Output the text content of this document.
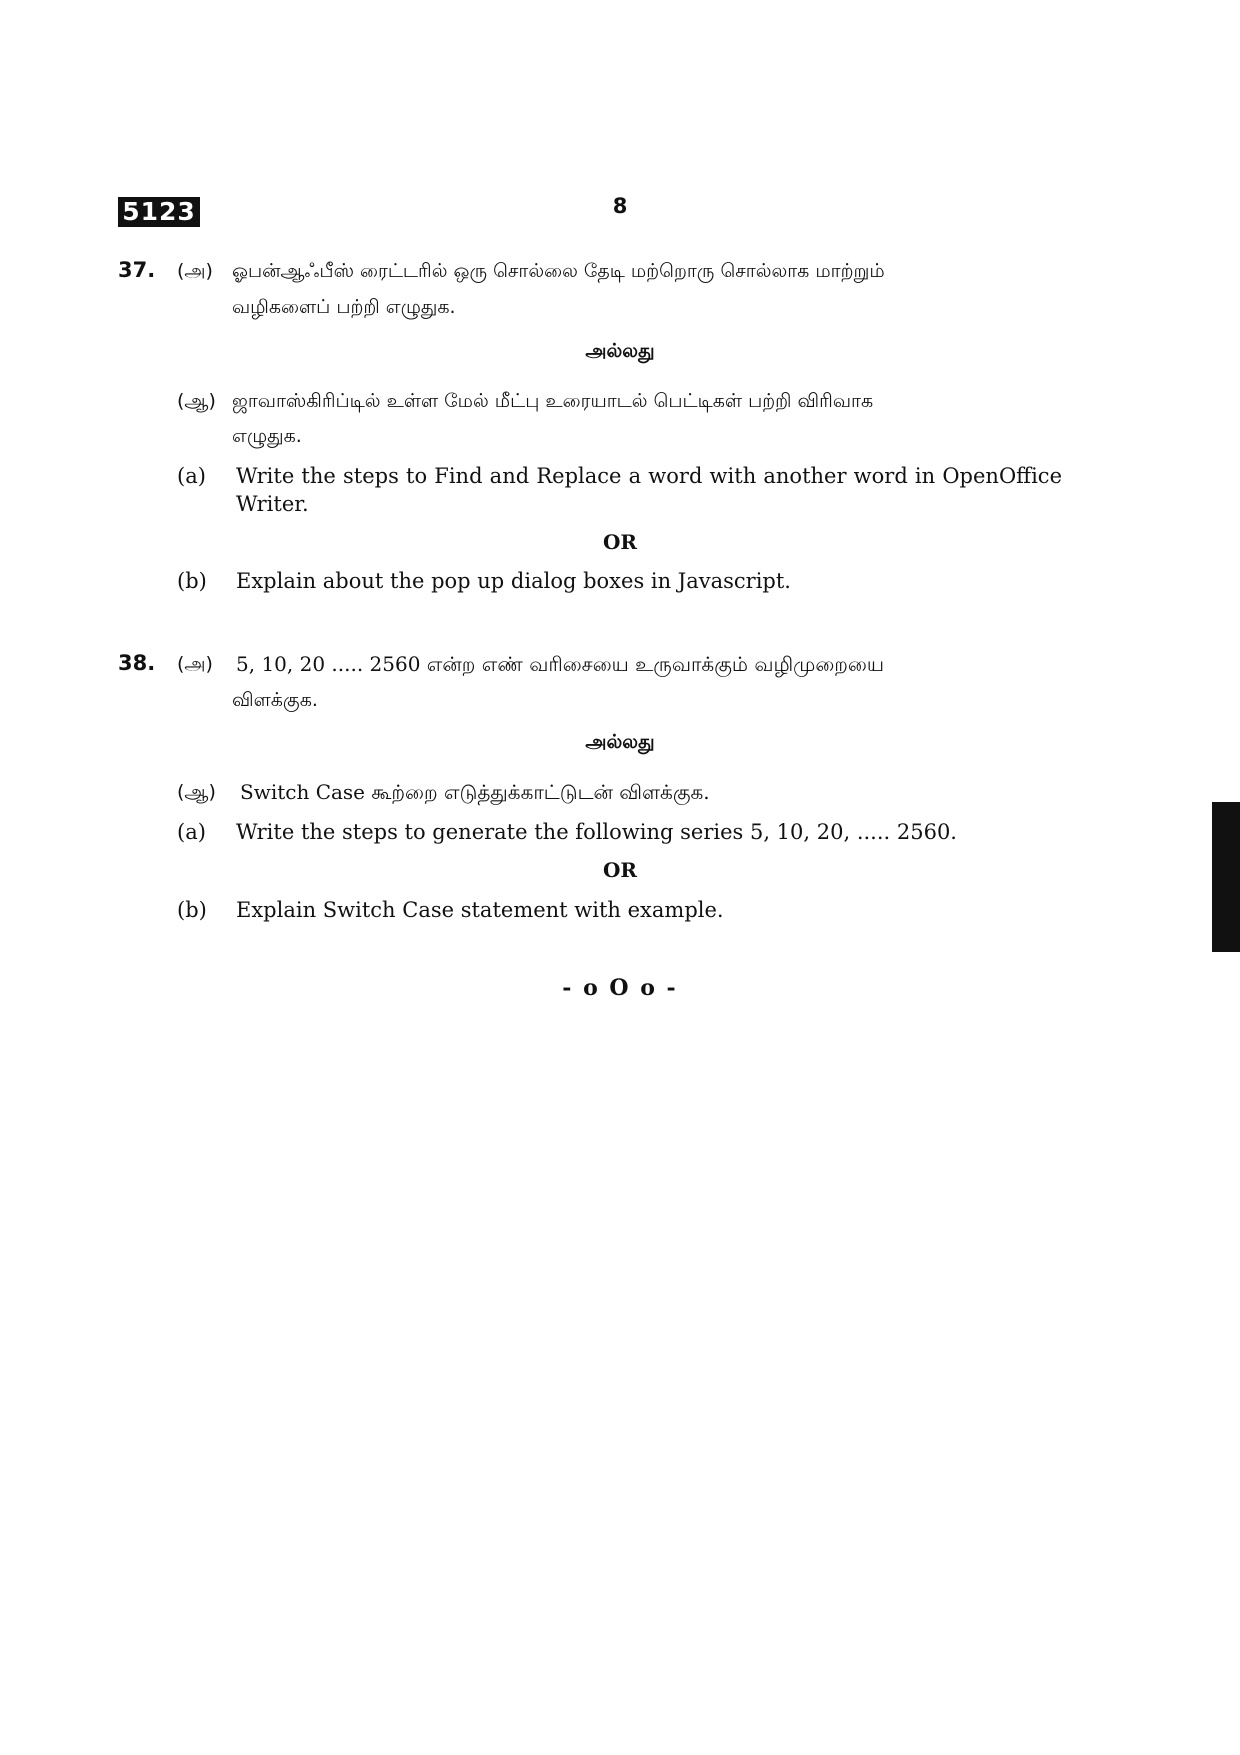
5123	8
37. (அ) ஓபன்ஆஃபீஸ் ரைட்டரில் ஒரு சொல்லை தேடி மற்றொரு சொல்லாக மாற்றும்
வழிகளைப் பற்றி எழுதுக.
அல்லது
(ஆ) ஜாவாஸ்கிரிப்டில் உள்ள மேல் மீட்பு உரையாடல் பெட்டிகள் பற்றி விரிவாக
எழுதுக.
(a) Write the steps to Find and Replace a word with another word in OpenOffice Writer.
OR
(b) Explain about the pop up dialog boxes in Javascript.
38. (அ) 5, 10, 20 ..... 2560 என்ற எண் வரிசையை உருவாக்கும் வழிமுறையை
விளக்குக.
அல்லது
(ஆ) Switch Case கூற்றை எடுத்துக்காட்டுடன் விளக்குக.
(a) Write the steps to generate the following series 5, 10, 20, ..... 2560.
OR
(b) Explain Switch Case statement with example.
- o O o -
